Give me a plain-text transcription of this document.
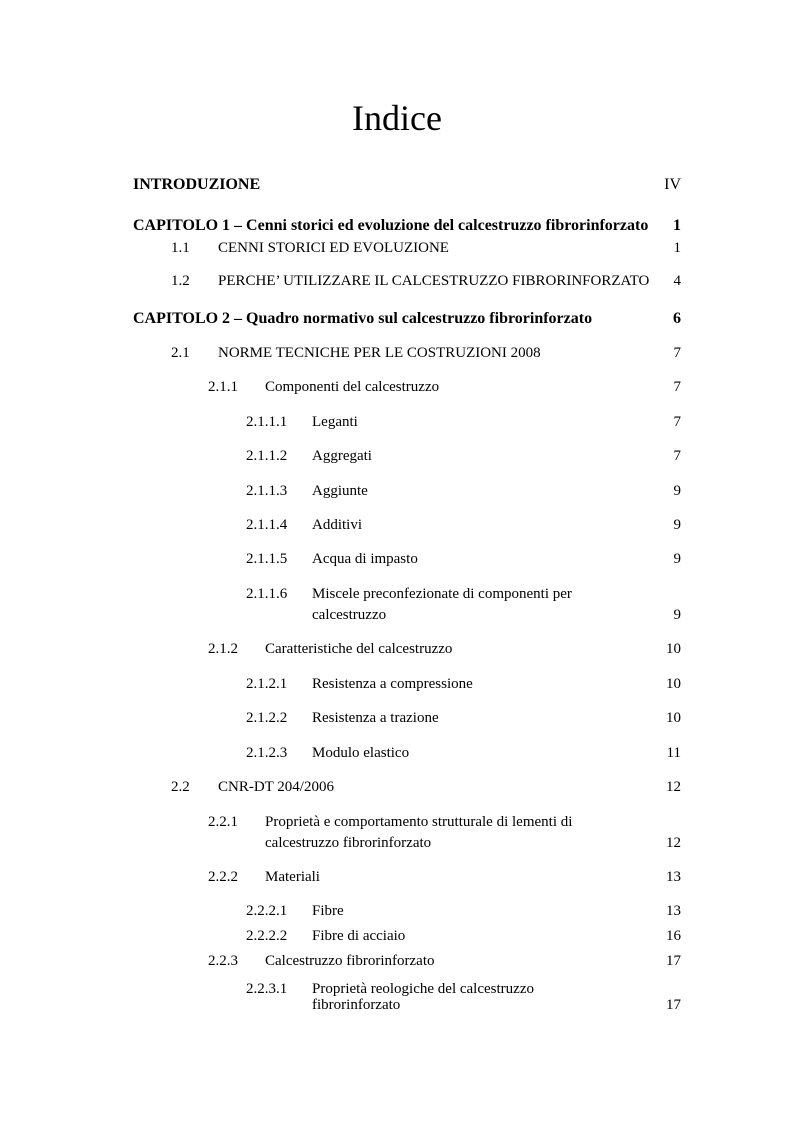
Indice
INTRODUZIONE	IV
CAPITOLO 1 – Cenni storici ed evoluzione del calcestruzzo fibrorinforzato 1
1.1 CENNI STORICI ED EVOLUZIONE	1
1.2 PERCHE’ UTILIZZARE IL CALCESTRUZZO FIBRORINFORZATO 4
CAPITOLO 2 – Quadro normativo sul calcestruzzo fibrorinforzato	6
2.1 NORME TECNICHE PER LE COSTRUZIONI 2008	7
2.1.1 Componenti del calcestruzzo	7
2.1.1.1 Leganti	7
2.1.1.2 Aggregati	7
2.1.1.3 Aggiunte	9
2.1.1.4 Additivi	9
2.1.1.5 Acqua di impasto	9
2.1.1.6 Miscele preconfezionate di componenti per
calcestruzzo	9
2.1.2 Caratteristiche del calcestruzzo	10
2.1.2.1 Resistenza a compressione	10
2.1.2.2 Resistenza a trazione	10
2.1.2.3 Modulo elastico	11
2.2 CNR-DT 204/2006	12
2.2.1 Proprietà e comportamento strutturale di lementi di
calcestruzzo fibrorinforzato	12
2.2.2 Materiali	13
2.2.2.1 Fibre	13
2.2.2.2 Fibre di acciaio	16
2.2.3 Calcestruzzo fibrorinforzato	17
2.2.3.1 Proprietà reologiche del calcestruzzo
fibrorinforzato	17
